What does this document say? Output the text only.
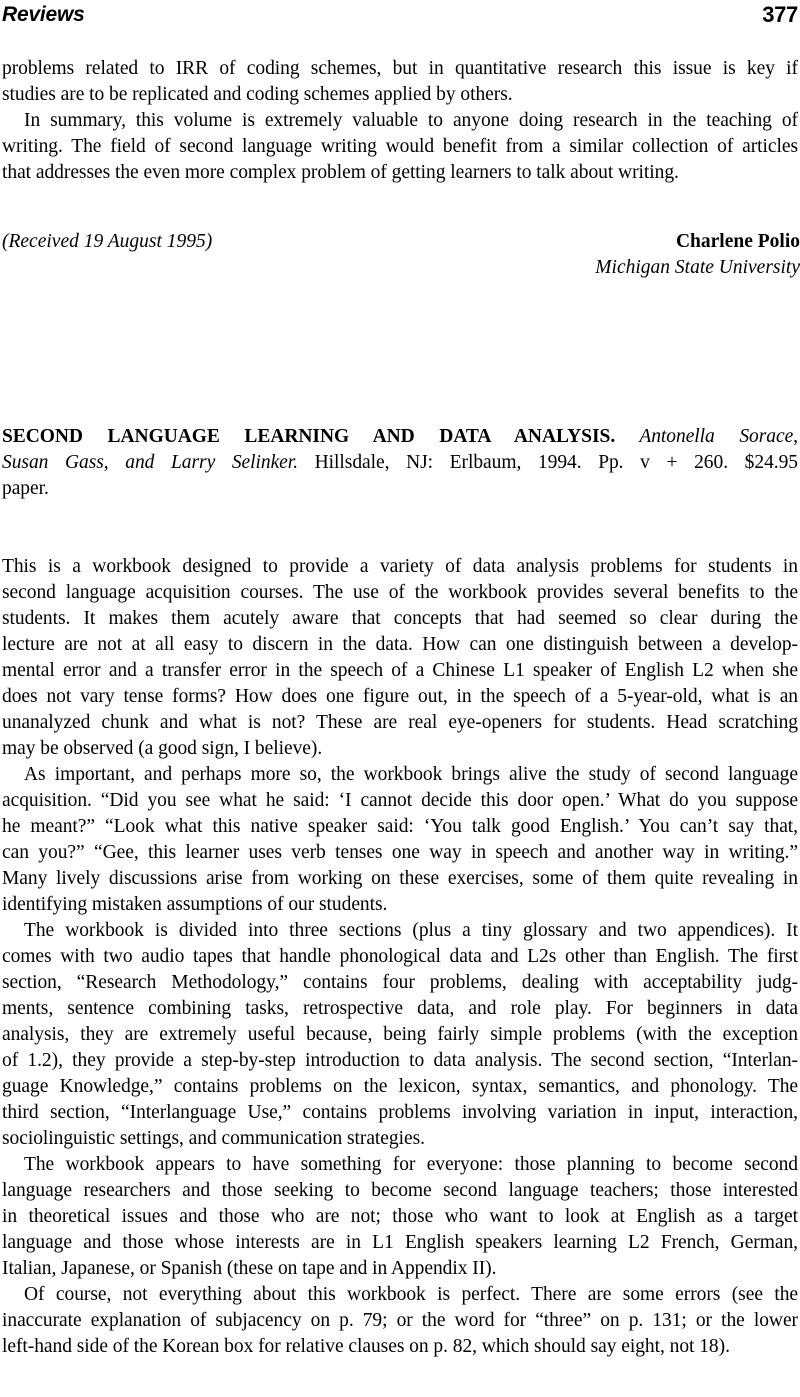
Reviews	377
problems related to IRR of coding schemes, but in quantitative research this issue is key if
studies are to be replicated and coding schemes applied by others.
In summary, this volume is extremely valuable to anyone doing research in the teaching of
writing. The field of second language writing would benefit from a similar collection of articles
that addresses the even more complex problem of getting learners to talk about writing.
(Received 19 August 1995)	Charlene Polio
Michigan State University
SECOND LANGUAGE LEARNING AND DATA ANALYSIS. Antonella Sorace,
Susan Gass, and Larry Selinker. Hillsdale, NJ: Erlbaum, 1994. Pp. v + 260. $24.95
paper.
This is a workbook designed to provide a variety of data analysis problems for students in
second language acquisition courses. The use of the workbook provides several benefits to the
students. It makes them acutely aware that concepts that had seemed so clear during the
lecture are not at all easy to discern in the data. How can one distinguish between a develop-
mental error and a transfer error in the speech of a Chinese L1 speaker of English L2 when she
does not vary tense forms? How does one figure out, in the speech of a 5-year-old, what is an
unanalyzed chunk and what is not? These are real eye-openers for students. Head scratching
may be observed (a good sign, I believe).
As important, and perhaps more so, the workbook brings alive the study of second language
acquisition. “Did you see what he said: ‘I cannot decide this door open.’ What do you suppose
he meant?” “Look what this native speaker said: ‘You talk good English.’ You can’t say that,
can you?” “Gee, this learner uses verb tenses one way in speech and another way in writing.”
Many lively discussions arise from working on these exercises, some of them quite revealing in
identifying mistaken assumptions of our students.
The workbook is divided into three sections (plus a tiny glossary and two appendices). It
comes with two audio tapes that handle phonological data and L2s other than English. The first
section, “Research Methodology,” contains four problems, dealing with acceptability judg-
ments, sentence combining tasks, retrospective data, and role play. For beginners in data
analysis, they are extremely useful because, being fairly simple problems (with the exception
of 1.2), they provide a step-by-step introduction to data analysis. The second section, “Interlan-
guage Knowledge,” contains problems on the lexicon, syntax, semantics, and phonology. The
third section, “Interlanguage Use,” contains problems involving variation in input, interaction,
sociolinguistic settings, and communication strategies.
The workbook appears to have something for everyone: those planning to become second
language researchers and those seeking to become second language teachers; those interested
in theoretical issues and those who are not; those who want to look at English as a target
language and those whose interests are in L1 English speakers learning L2 French, German,
Italian, Japanese, or Spanish (these on tape and in Appendix II).
Of course, not everything about this workbook is perfect. There are some errors (see the
inaccurate explanation of subjacency on p. 79; or the word for “three” on p. 131; or the lower
left-hand side of the Korean box for relative clauses on p. 82, which should say eight, not 18).
